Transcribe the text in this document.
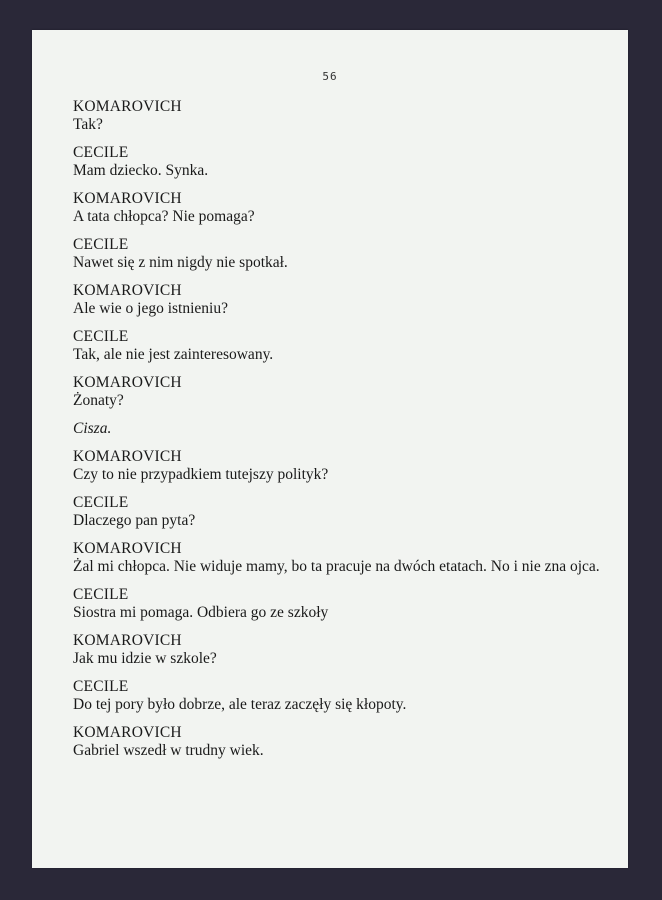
56
KOMAROVICH
Tak?
CECILE
Mam dziecko. Synka.
KOMAROVICH
A tata chłopca? Nie pomaga?
CECILE
Nawet się z nim nigdy nie spotkał.
KOMAROVICH
Ale wie o jego istnieniu?
CECILE
Tak, ale nie jest zainteresowany.
KOMAROVICH
Żonaty?
Cisza.
KOMAROVICH
Czy to nie przypadkiem tutejszy polityk?
CECILE
Dlaczego pan pyta?
KOMAROVICH
Żal mi chłopca. Nie widuje mamy, bo ta pracuje na dwóch etatach. No i nie zna ojca.
CECILE
Siostra mi pomaga. Odbiera go ze szkoły
KOMAROVICH
Jak mu idzie w szkole?
CECILE
Do tej pory było dobrze, ale teraz zaczęły się kłopoty.
KOMAROVICH
Gabriel wszedł w trudny wiek.
